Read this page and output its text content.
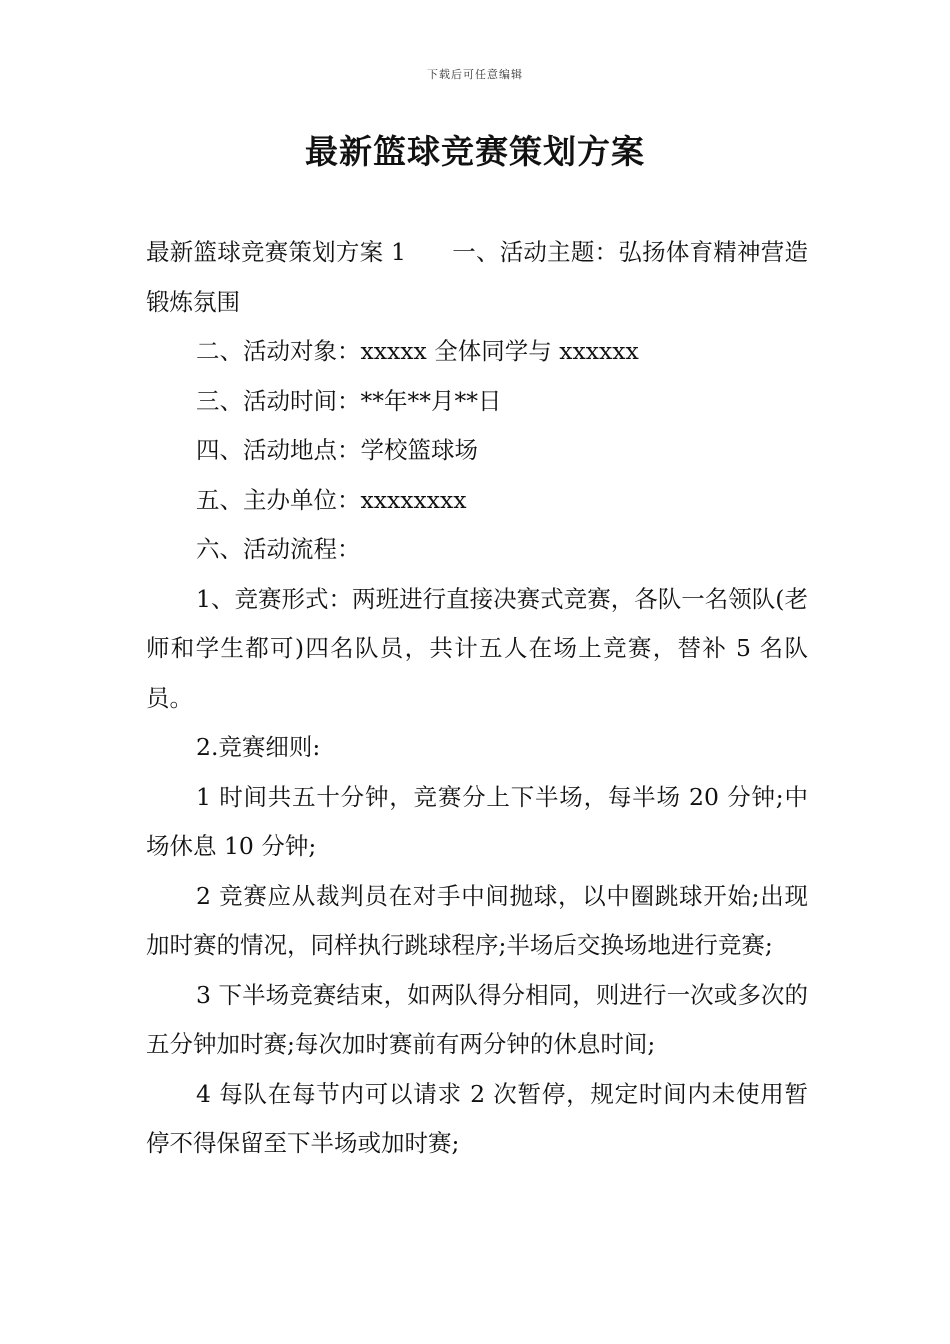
下载后可任意编辑
最新篮球竞赛策划方案

最新篮球竞赛策划方案 1 一、活动主题：弘扬体育精神营造锻炼氛围

二、活动对象：xxxxx 全体同学与 xxxxxx

三、活动时间：**年**月**日

四、活动地点：学校篮球场

五、主办单位：xxxxxxxx

六、活动流程：

1、竞赛形式：两班进行直接决赛式竞赛，各队一名领队(老师和学生都可)四名队员，共计五人在场上竞赛，替补 5 名队员。

2.竞赛细则:

1 时间共五十分钟，竞赛分上下半场，每半场 20 分钟;中场休息 10 分钟;

2 竞赛应从裁判员在对手中间抛球，以中圈跳球开始;出现加时赛的情况，同样执行跳球程序;半场后交换场地进行竞赛;

3 下半场竞赛结束，如两队得分相同，则进行一次或多次的五分钟加时赛;每次加时赛前有两分钟的休息时间;

4 每队在每节内可以请求 2 次暂停，规定时间内未使用暂停不得保留至下半场或加时赛;
